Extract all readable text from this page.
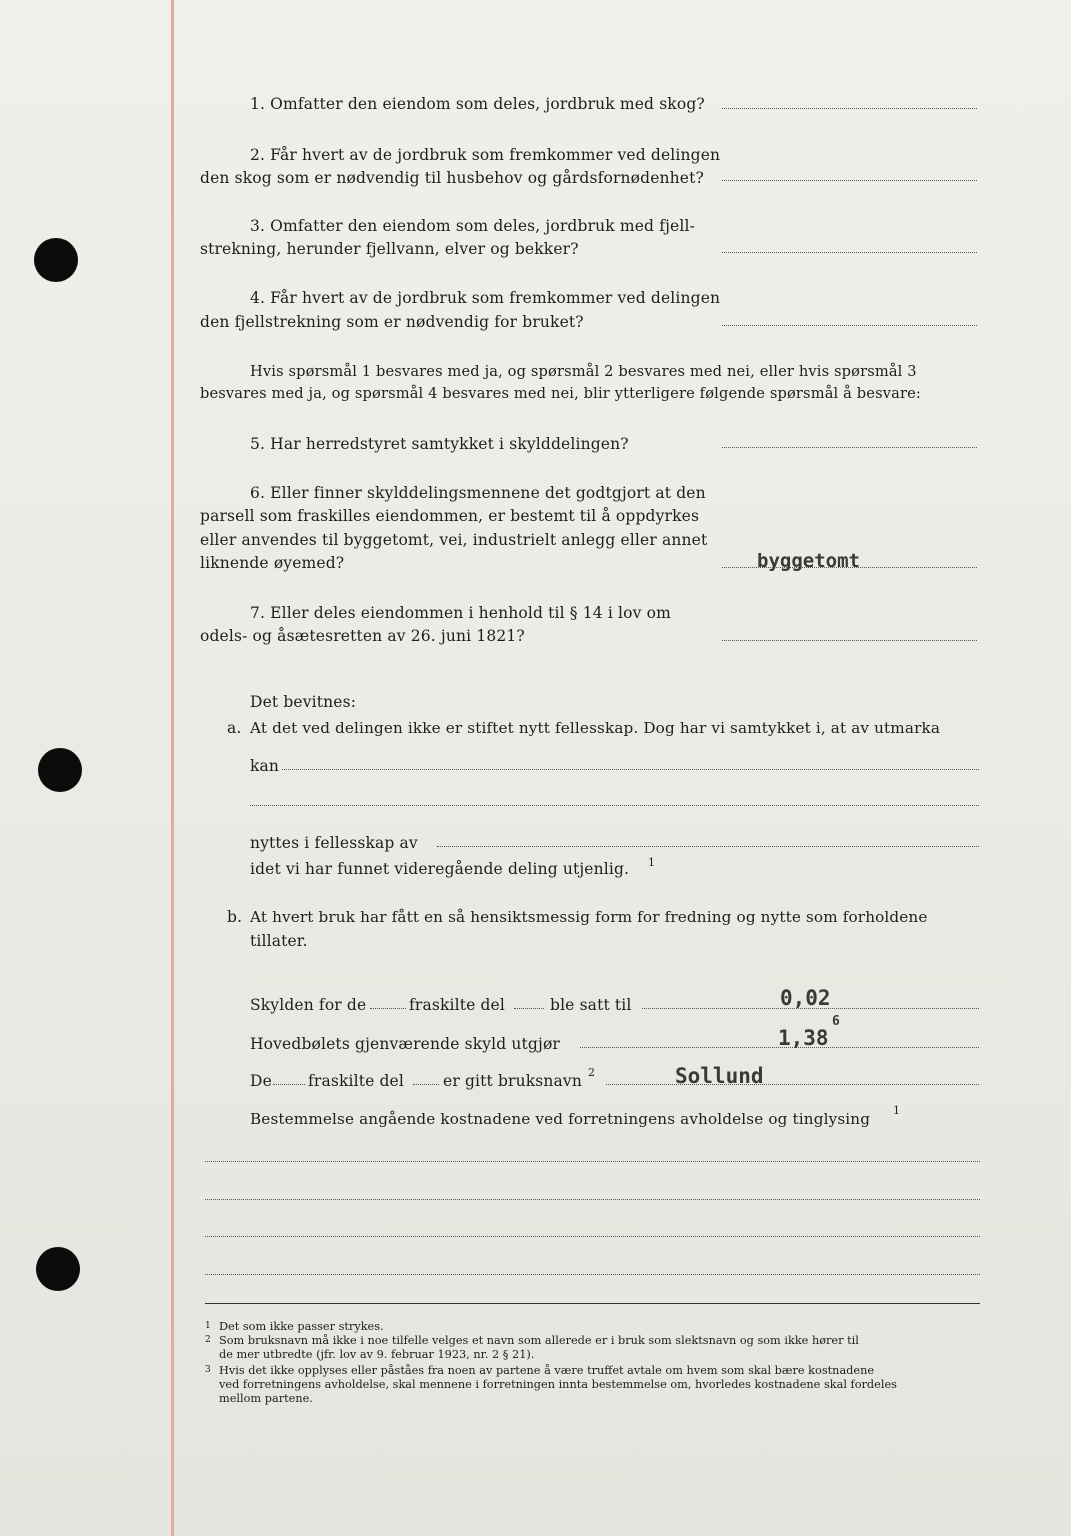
1. Omfatter den eiendom som deles, jordbruk med skog?
2. Får hvert av de jordbruk som fremkommer ved delingen
den skog som er nødvendig til husbehov og gårdsfornødenhet?
3. Omfatter den eiendom som deles, jordbruk med fjell-
strekning, herunder fjellvann, elver og bekker?
4. Får hvert av de jordbruk som fremkommer ved delingen
den fjellstrekning som er nødvendig for bruket?
Hvis spørsmål 1 besvares med ja, og spørsmål 2 besvares med nei, eller hvis spørsmål 3
besvares med ja, og spørsmål 4 besvares med nei, blir ytterligere følgende spørsmål å besvare:
5. Har herredstyret samtykket i skylddelingen?
6. Eller finner skylddelingsmennene det godtgjort at den
parsell som fraskilles eiendommen, er bestemt til å oppdyrkes
eller anvendes til byggetomt, vei, industrielt anlegg eller annet
liknende øyemed?	byggetomt
7. Eller deles eiendommen i henhold til § 14 i lov om
odels- og åsætesretten av 26. juni 1821?
Det bevitnes:
a. At det ved delingen ikke er stiftet nytt fellesskap. Dog har vi samtykket i, at av utmarka
kan
nyttes i fellesskap av
idet vi har funnet videregående deling utjenlig. 1
b. At hvert bruk har fått en så hensiktsmessig form for fredning og nytte som forholdene
tillater.
Skylden for de	fraskilte del	ble satt til	0,02
Hovedbølets gjenværende skyld utgjør	1,38
6
De fraskilte del	er gitt bruksnavn 2	Sollund
Bestemmelse angående kostnadene ved forretningens avholdelse og tinglysing 1
1 Det som ikke passer strykes.
2 Som bruksnavn må ikke i noe tilfelle velges et navn som allerede er i bruk som slektsnavn og som ikke hører til
de mer utbredte (jfr. lov av 9. februar 1923, nr. 2 § 21).
3 Hvis det ikke opplyses eller påståes fra noen av partene å være truffet avtale om hvem som skal bære kostnadene
ved forretningens avholdelse, skal mennene i forretningen innta bestemmelse om, hvorledes kostnadene skal fordeles
mellom partene.
